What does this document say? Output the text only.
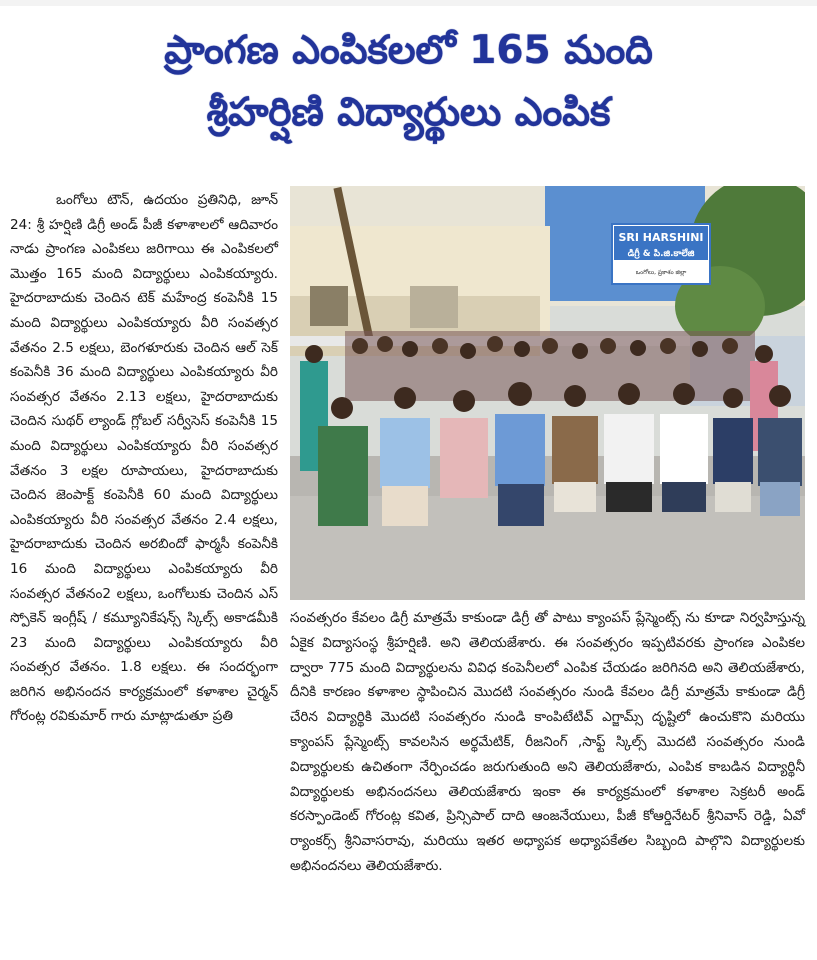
ప్రాంగణ ఎంపికలలో 165 మంది
శ్రీహర్షిణి విద్యార్థులు ఎంపిక

ఒంగోలు టౌన్, ఉదయం ప్రతినిధి, జూన్ 24: శ్రీ హర్షిణి డిగ్రీ అండ్ పీజీ కళాశాలలో ఆదివారం నాడు ప్రాంగణ ఎంపికలు జరిగాయి ఈ ఎంపికలలో మొత్తం 165 మంది విద్యార్థులు ఎంపికయ్యారు. హైదరాబాదుకు చెందిన టెక్ మహేంద్ర కంపెనీకి 15 మంది విద్యార్థులు ఎంపికయ్యారు వీరి సంవత్సర వేతనం 2.5 లక్షలు, బెంగళూరుకు చెందిన ఆల్ సెక్ కంపెనీకి 36 మంది విద్యార్థులు ఎంపికయ్యారు వీరి సంవత్సర వేతనం 2.13 లక్షలు, హైదరాబాదుకు చెందిన సుథర్ ల్యాండ్ గ్లోబల్ సర్వీసెస్ కంపెనీకి 15 మంది విద్యార్థులు ఎంపికయ్యారు వీరి సంవత్సర వేతనం 3 లక్షల రూపాయలు, హైదరాబాదుకు చెందిన జెంపాక్ట్ కంపెనీకి 60 మంది విద్యార్థులు ఎంపికయ్యారు వీరి సంవత్సర వేతనం 2.4 లక్షలు, హైదరాబాదుకు చెందిన అరబిందో ఫార్మసీ కంపెనీకి 16 మంది విద్యార్థులు ఎంపికయ్యారు వీరి సంవత్సర వేతనం2 లక్షలు, ఒంగోలుకు చెందిన ఎస్ స్పోకెన్ ఇంగ్లీష్ / కమ్యూనికేషన్స్ స్కిల్స్ అకాడమీకి 23 మంది విద్యార్థులు ఎంపికయ్యారు వీరి సంవత్సర వేతనం. 1.8 లక్షలు. ఈ సందర్భంగా జరిగిన అభినందన కార్యక్రమంలో కళాశాల చైర్మన్ గోరంట్ల రవికుమార్ గారు మాట్లాడుతూ ప్రతి

SRI HARSHINI
డిగ్రీ & పి.జి.కాలేజి
ఒంగోలు, ప్రకాశం జిల్లా

సంవత్సరం కేవలం డిగ్రీ మాత్రమే కాకుండా డిగ్రీ తో పాటు క్యాంపస్ ప్లేస్మెంట్స్ ను కూడా నిర్వహిస్తున్న ఏకైక విద్యాసంస్థ శ్రీహర్షిణి. అని తెలియజేశారు. ఈ సంవత్సరం ఇప్పటివరకు ప్రాంగణ ఎంపికల ద్వారా 775 మంది విద్యార్థులను వివిధ కంపెనీలలో ఎంపిక చేయడం జరిగినది అని తెలియజేశారు, దీనికి కారణం కళాశాల స్థాపించిన మొదటి సంవత్సరం నుండి కేవలం డిగ్రీ మాత్రమే కాకుండా డిగ్రీ చేరిన విద్యార్థికి మొదటి సంవత్సరం నుండి కాంపిటేటివ్ ఎగ్జామ్స్ దృష్టిలో ఉంచుకొని మరియు క్యాంపస్ ప్లేస్మెంట్స్ కావలసిన అర్థమేటిక్, రీజనింగ్ ,సాఫ్ట్ స్కిల్స్ మొదటి సంవత్సరం నుండి విద్యార్థులకు ఉచితంగా నేర్పించడం జరుగుతుంది అని తెలియజేశారు, ఎంపిక కాబడిన విద్యార్థినీ విద్యార్థులకు అభినందనలు తెలియజేశారు ఇంకా ఈ కార్యక్రమంలో కళాశాల సెక్రటరీ అండ్ కరస్పాండెంట్ గోరంట్ల కవిత, ప్రిన్సిపాల్ దాది ఆంజనేయులు, పీజీ కోఆర్డినేటర్ శ్రీనివాస్ రెడ్డి, ఏవో ర్యాంకర్స్ శ్రీనివాసరావు, మరియు ఇతర అధ్యాపక అధ్యాపకేతల సిబ్బంది పాల్గొని విద్యార్థులకు అభినందనలు తెలియజేశారు.
